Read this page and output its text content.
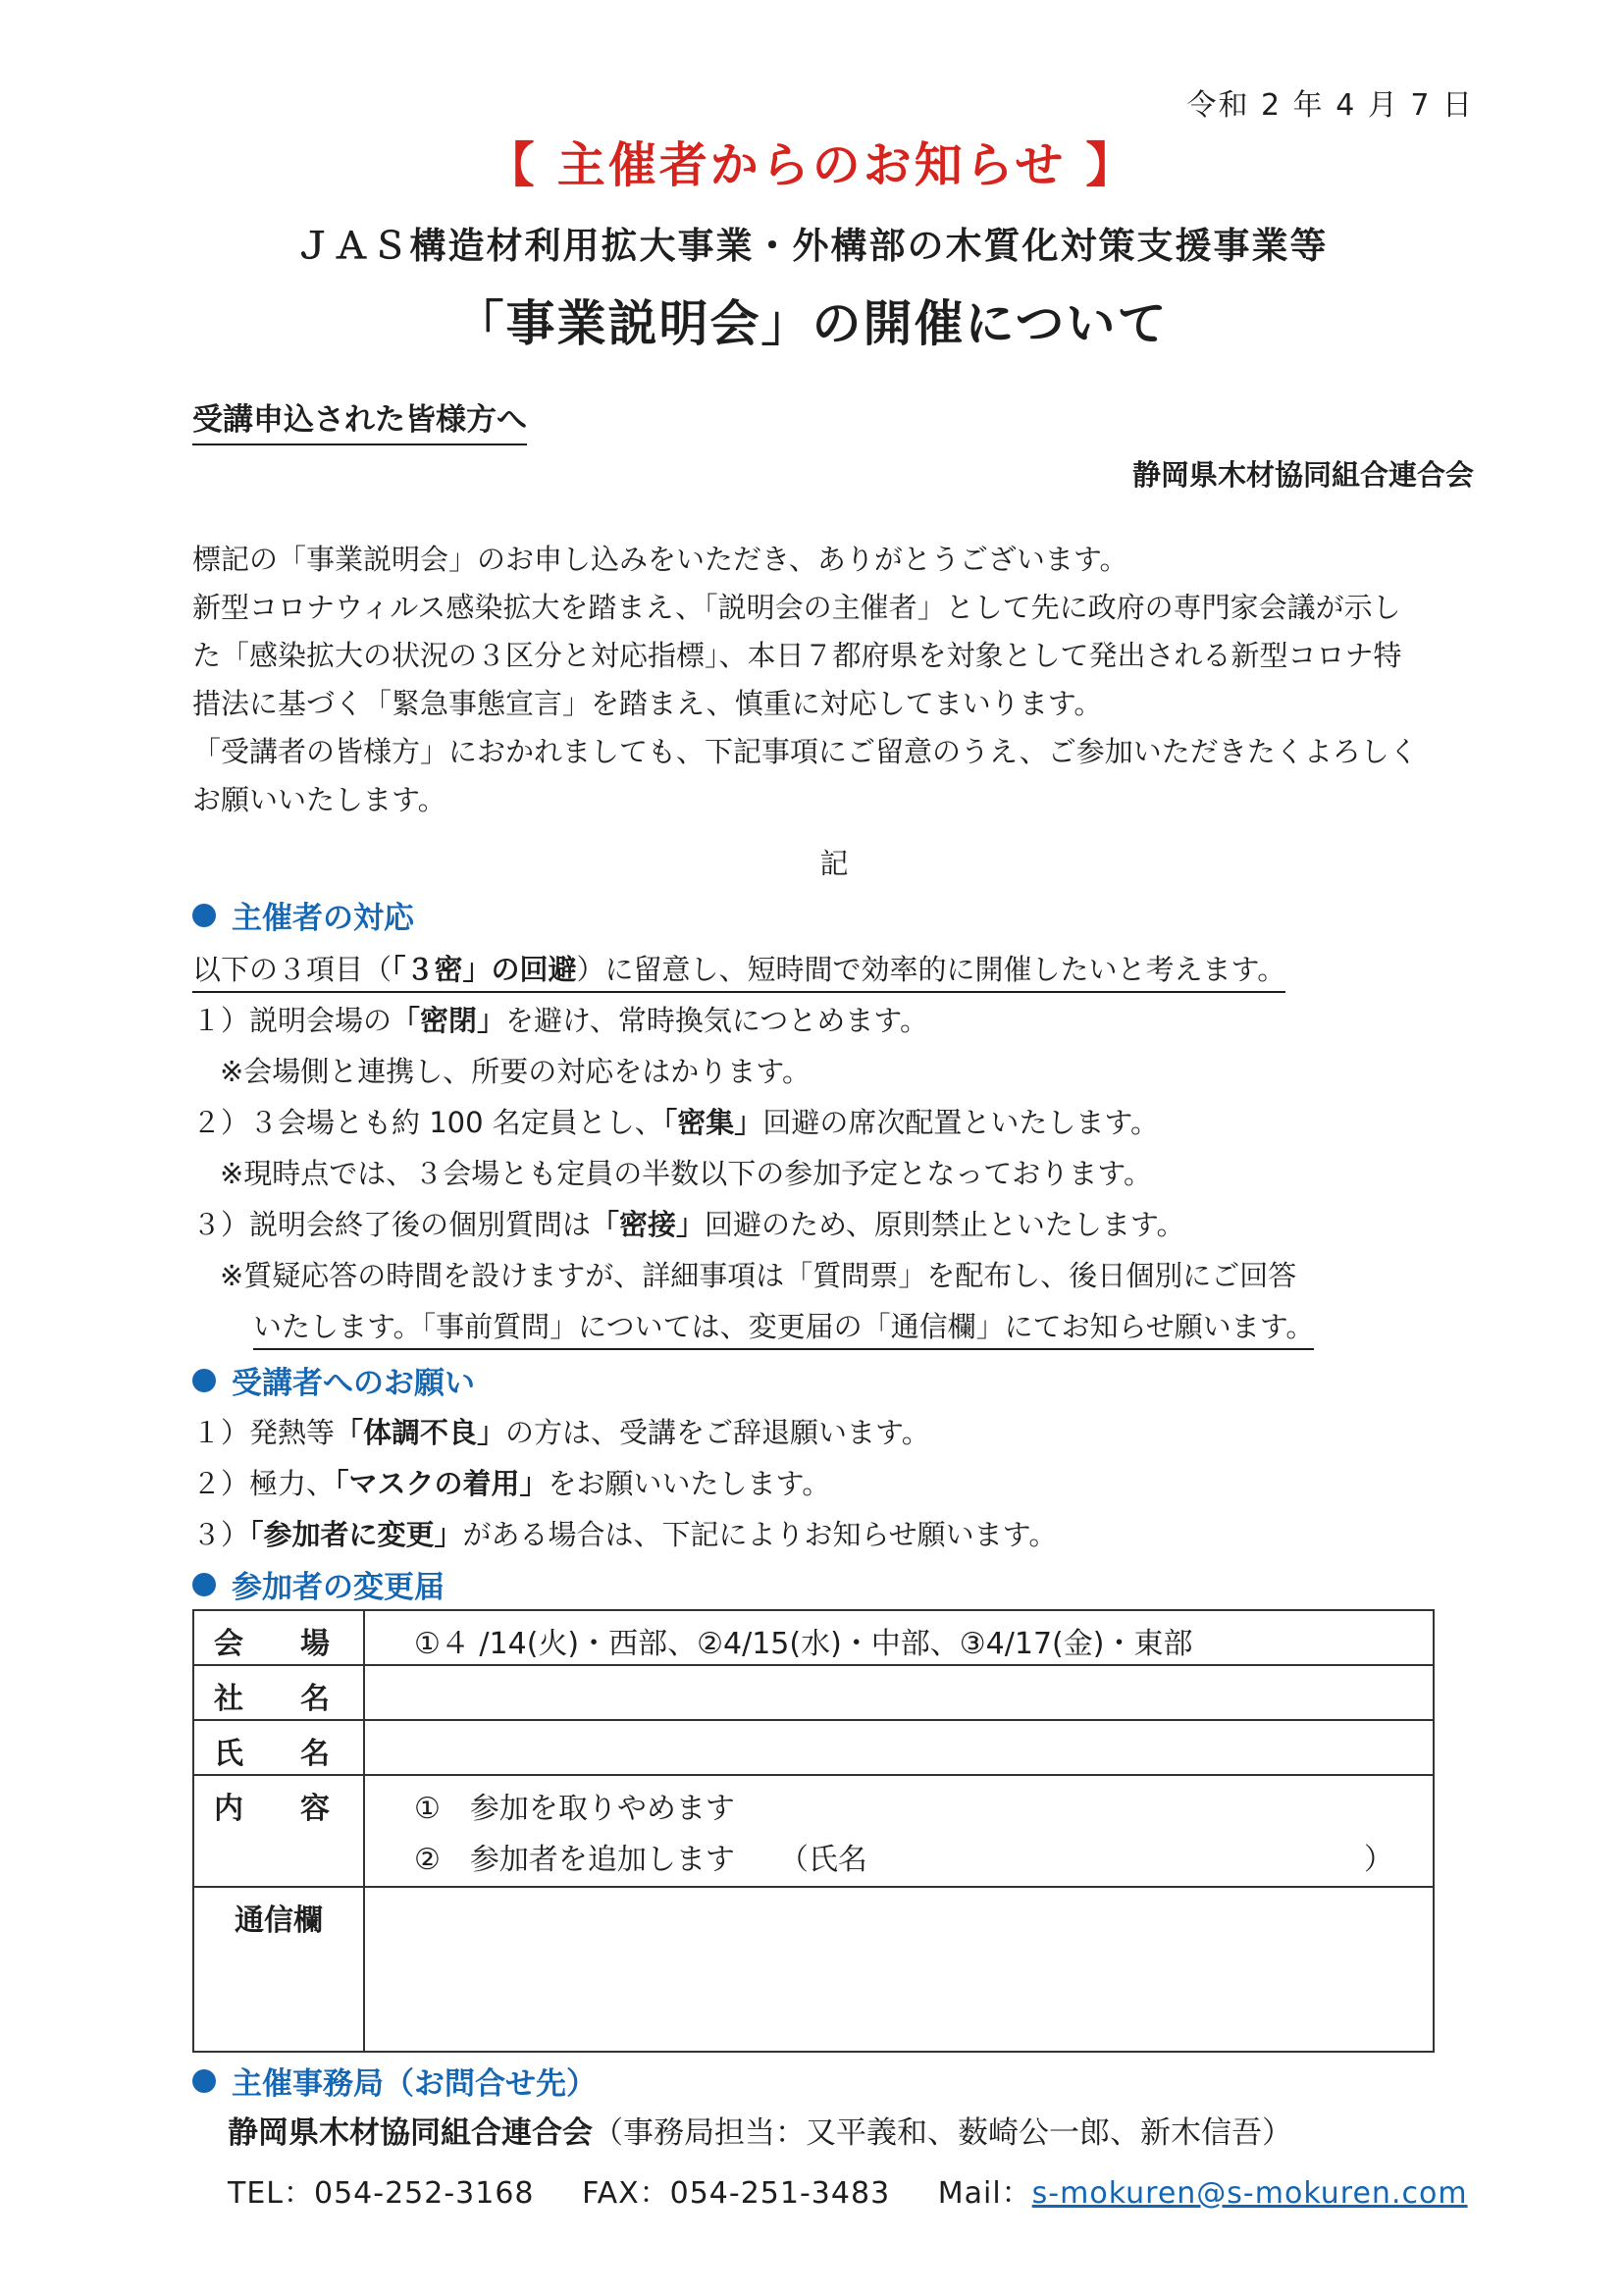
令和 2 年 4 月 7 日
【 主催者からのお知らせ 】
ＪＡＳ構造材利用拡大事業・外構部の木質化対策支援事業等
「事業説明会」の開催について
受講申込された皆様方へ
静岡県木材協同組合連合会

標記の「事業説明会」のお申し込みをいただき、ありがとうございます。

新型コロナウィルス感染拡大を踏まえ、「説明会の主催者」として先に政府の専門家会議が示し

た「感染拡大の状況の３区分と対応指標」、本日７都府県を対象として発出される新型コロナ特

措法に基づく「緊急事態宣言」を踏まえ、慎重に対応してまいります。

「受講者の皆様方」におかれましても、下記事項にご留意のうえ、ご参加いただきたくよろしく

お願いいたします。

記
主催者の対応
以下の３項目（「３密」の回避）に留意し、短時間で効率的に開催したいと考えます。
１）説明会場の「密閉」を避け、常時換気につとめます。
※会場側と連携し、所要の対応をはかります。
２）３会場とも約 100 名定員とし、「密集」回避の席次配置といたします。
※現時点では、３会場とも定員の半数以下の参加予定となっております。
３）説明会終了後の個別質問は「密接」回避のため、原則禁止といたします。
※質疑応答の時間を設けますが、詳細事項は「質問票」を配布し、後日個別にご回答
いたします。「事前質問」については、変更届の「通信欄」にてお知らせ願います。
受講者へのお願い
１）発熱等「体調不良」の方は、受講をご辞退願います。
２）極力、「マスクの着用」をお願いいたします。
３）「参加者に変更」がある場合は、下記によりお知らせ願います。
参加者の変更届
会　場	①４ /14(火)・西部、②4/15(水)・中部、③4/17(金)・東部
社　名	
氏　名	
内　容	①　参加を取りやめます
②　参加者を追加します　　（氏名 ）

通信欄	
主催事務局（お問合せ先）
静岡県木材協同組合連合会（事務局担当：又平義和、薮崎公一郎、新木信吾）
TEL：054-252-3168 FAX：054-251-3483 Mail：s-mokuren@s-mokuren.com
